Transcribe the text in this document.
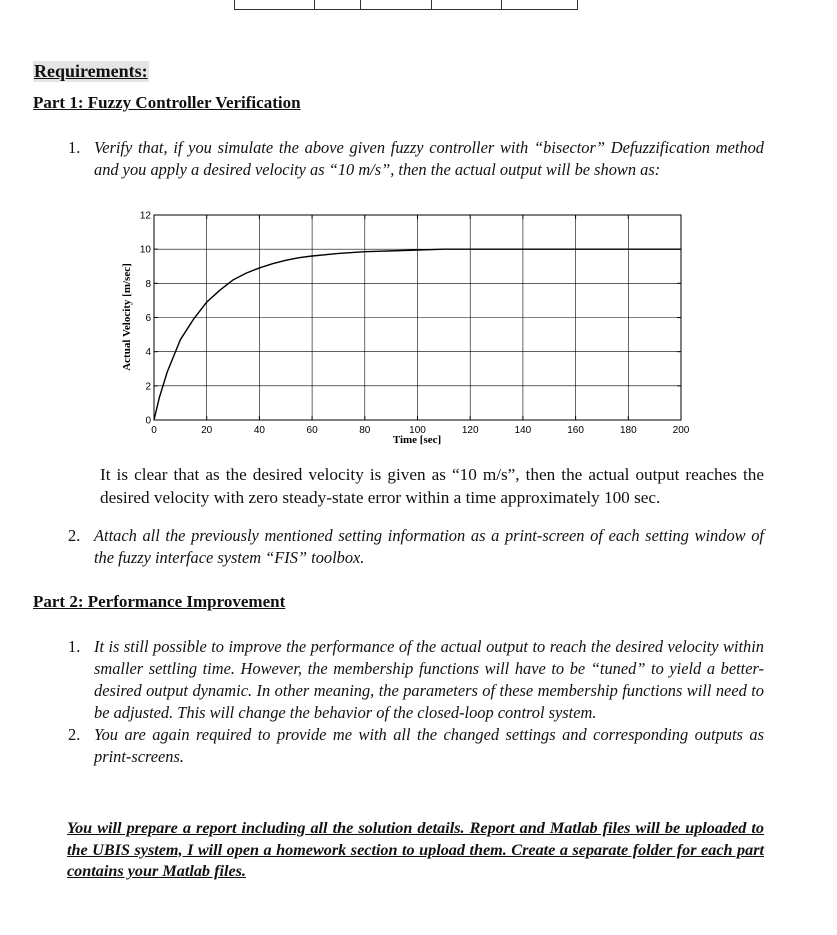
Requirements:
Part 1: Fuzzy Controller Verification
1. Verify that, if you simulate the above given fuzzy controller with “bisector” Defuzzification method and you apply a desired velocity as “10 m/s”, then the actual output will be shown as:
0	20	40	60	80	100	120	140	160	180	200
0
2
4
6
8
10
12
Time [sec]
Actual Velocity [m/sec]
It is clear that as the desired velocity is given as “10 m/s”, then the actual output reaches the desired velocity with zero steady-state error within a time approximately 100 sec.
2. Attach all the previously mentioned setting information as a print-screen of each setting window of the fuzzy interface system “FIS” toolbox.
Part 2: Performance Improvement
1. It is still possible to improve the performance of the actual output to reach the desired velocity within smaller settling time. However, the membership functions will have to be “tuned” to yield a better-desired output dynamic. In other meaning, the parameters of these membership functions will need to be adjusted. This will change the behavior of the closed-loop control system.
2. You are again required to provide me with all the changed settings and corresponding outputs as print-screens.
You will prepare a report including all the solution details. Report and Matlab files will be uploaded to the UBIS system, I will open a homework section to upload them. Create a separate folder for each part contains your Matlab files.
